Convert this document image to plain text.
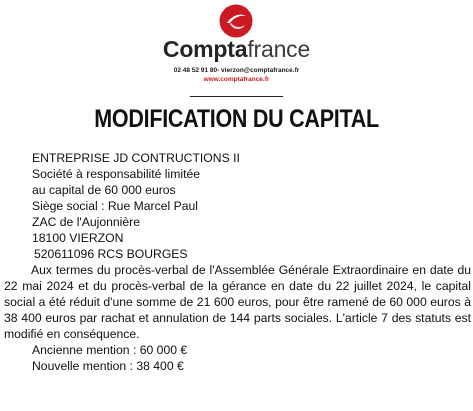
Comptafrance
02 48 52 91 80- vierzon@comptafrance.fr
www.comptafrance.fr
MODIFICATION DU CAPITAL
ENTREPRISE JD CONTRUCTIONS II
Société à responsabilité limitée
au capital de 60 000 euros
Siège social : Rue Marcel Paul
ZAC de l'Aujonnière
18100 VIERZON
520611096 RCS BOURGES
Aux termes du procès-verbal de l'Assemblée Générale Extraordinaire en date du 22 mai 2024 et du procès-verbal de la gérance en date du 22 juillet 2024, le capital social a été réduit d'une somme de 21 600 euros, pour être ramené de 60 000 euros à 38 400 euros par rachat et annulation de 144 parts sociales. L'article 7 des statuts est modifié en conséquence.
Ancienne mention : 60 000 €
Nouvelle mention : 38 400 €
